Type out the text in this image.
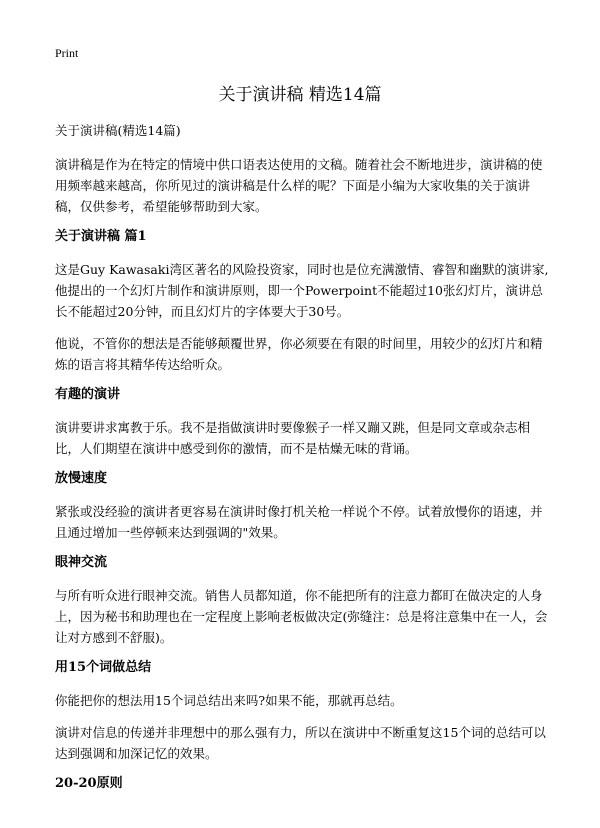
Print
关于演讲稿 精选14篇

关于演讲稿(精选14篇)

演讲稿是作为在特定的情境中供口语表达使用的文稿。随着社会不断地进步，演讲稿的使用频率越来越高，你所见过的演讲稿是什么样的呢？下面是小编为大家收集的关于演讲稿，仅供参考，希望能够帮助到大家。

关于演讲稿 篇1

这是Guy Kawasaki湾区著名的风险投资家，同时也是位充满激情、睿智和幽默的演讲家,他提出的一个幻灯片制作和演讲原则，即一个Powerpoint不能超过10张幻灯片，演讲总长不能超过20分钟，而且幻灯片的字体要大于30号。

他说，不管你的想法是否能够颠覆世界，你必须要在有限的时间里，用较少的幻灯片和精炼的语言将其精华传达给听众。

有趣的演讲

演讲要讲求寓教于乐。我不是指做演讲时要像猴子一样又蹦又跳，但是同文章或杂志相比，人们期望在演讲中感受到你的激情，而不是枯燥无味的背诵。

放慢速度

紧张或没经验的演讲者更容易在演讲时像打机关枪一样说个不停。试着放慢你的语速，并且通过增加一些停顿来达到强调的"效果。

眼神交流

与所有听众进行眼神交流。销售人员都知道，你不能把所有的注意力都盯在做决定的人身上，因为秘书和助理也在一定程度上影响老板做决定(弥缝注：总是将注意集中在一人，会让对方感到不舒服)。

用15个词做总结

你能把你的想法用15个词总结出来吗?如果不能，那就再总结。

演讲对信息的传递并非理想中的那么强有力，所以在演讲中不断重复这15个词的总结可以达到强调和加深记忆的效果。

20-20原则
